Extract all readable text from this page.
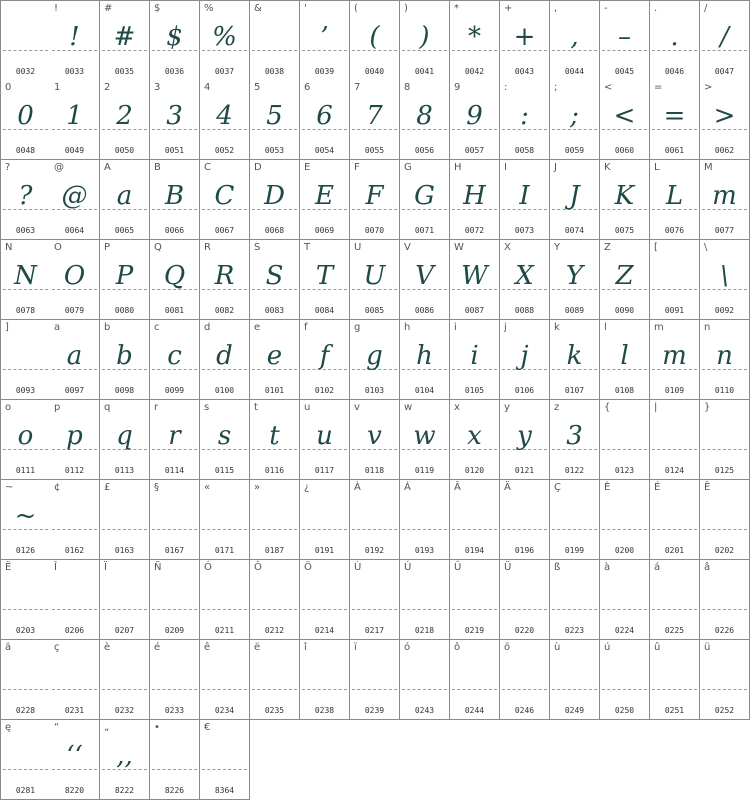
0032
!
!
0033
#
#
0035
$
$
0036
%
%
0037
&
0038
'
’
0039
(
(
0040
)
)
0041
*
*
0042
+
+
0043
,
,
0044
-
–
0045
.
.
0046
/
/
0047
0
0
0048
1
1
0049
2
2
0050
3
3
0051
4
4
0052
5
5
0053
6
6
0054
7
7
0055
8
8
0056
9
9
0057
:
:
0058
;
;
0059
<
<
0060
=
=
0061
>
>
0062
?
?
0063
@
@
0064
A
a
0065
B
B
0066
C
C
0067
D
D
0068
E
E
0069
F
F
0070
G
G
0071
H
H
0072
I
I
0073
J
J
0074
K
K
0075
L
L
0076
M
m
0077
N
N
0078
O
O
0079
P
P
0080
Q
Q
0081
R
R
0082
S
S
0083
T
T
0084
U
U
0085
V
V
0086
W
W
0087
X
X
0088
Y
Y
0089
Z
Z
0090
[
0091
\
\
0092
]
0093
a
a
0097
b
b
0098
c
c
0099
d
d
0100
e
e
0101
f
f
0102
g
g
0103
h
h
0104
i
i
0105
j
j
0106
k
k
0107
l
l
0108
m
m
0109
n
n
0110
o
o
0111
p
p
0112
q
q
0113
r
r
0114
s
s
0115
t
t
0116
u
u
0117
v
v
0118
w
w
0119
x
x
0120
y
y
0121
z
3
0122
{
0123
|
0124
}
0125
~
~
0126
¢
0162
£
0163
§
0167
«
0171
»
0187
¿
0191
À
0192
Á
0193
Â
0194
Ä
0196
Ç
0199
È
0200
É
0201
Ê
0202
Ë
0203
Î
0206
Ï
0207
Ñ
0209
Ó
0211
Ô
0212
Ö
0214
Ù
0217
Ú
0218
Û
0219
Ü
0220
ß
0223
à
0224
á
0225
â
0226
ä
0228
ç
0231
è
0232
é
0233
ê
0234
ë
0235
î
0238
ï
0239
ó
0243
ô
0244
ö
0246
ù
0249
ú
0250
û
0251
ü
0252
ę
0281
“
‘‘
8220
„
,,
8222
•
8226
€
8364
